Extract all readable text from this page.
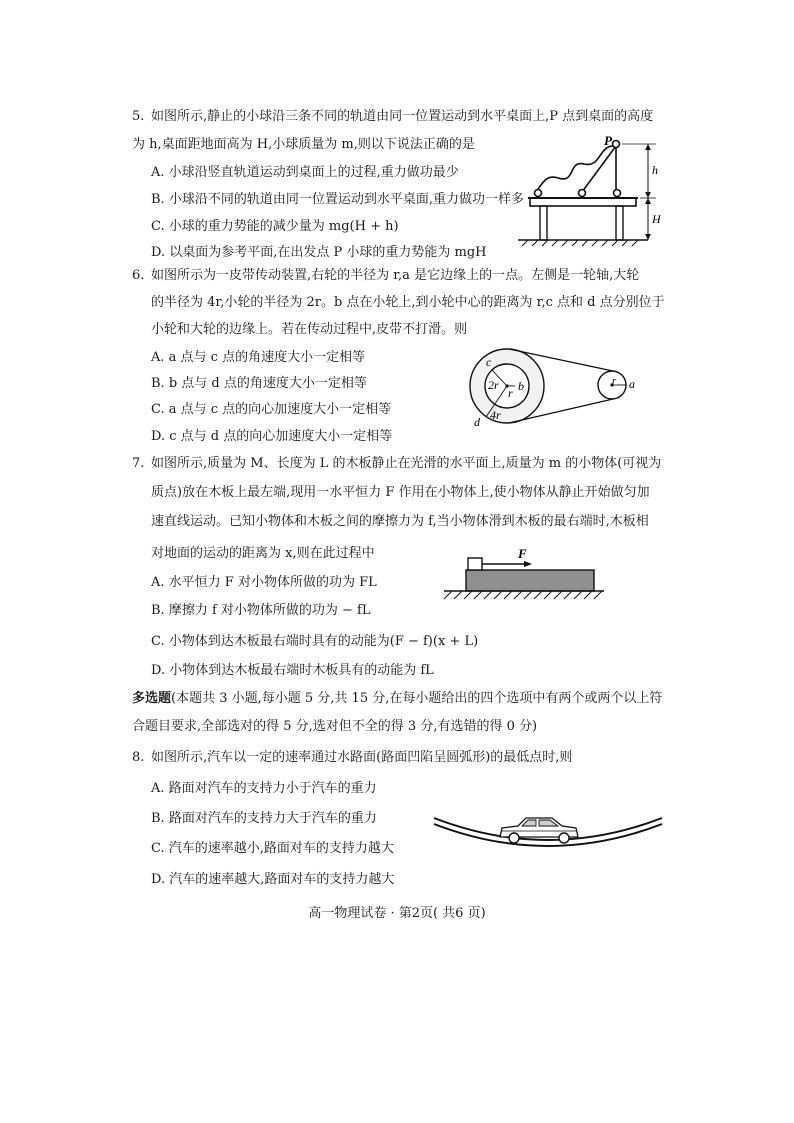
5. 如图所示,静止的小球沿三条不同的轨道由同一位置运动到水平桌面上,P 点到桌面的高度
为 h,桌面距地面高为 H,小球质量为 m,则以下说法正确的是
A. 小球沿竖直轨道运动到桌面上的过程,重力做功最少
B. 小球沿不同的轨道由同一位置运动到水平桌面,重力做功一样多
C. 小球的重力势能的减少量为 mg(H + h)
D. 以桌面为参考平面,在出发点 P 小球的重力势能为 mgH
P
h
H
6. 如图所示为一皮带传动装置,右轮的半径为 r,a 是它边缘上的一点。左侧是一轮轴,大轮
的半径为 4r,小轮的半径为 2r。b 点在小轮上,到小轮中心的距离为 r,c 点和 d 点分别位于
小轮和大轮的边缘上。若在传动过程中,皮带不打滑。则
A. a 点与 c 点的角速度大小一定相等
B. b 点与 d 点的角速度大小一定相等
C. a 点与 c 点的向心加速度大小一定相等
D. c 点与 d 点的向心加速度大小一定相等
c
2r b
r
4r
d
r a
7. 如图所示,质量为 M、长度为 L 的木板静止在光滑的水平面上,质量为 m 的小物体(可视为
质点)放在木板上最左端,现用一水平恒力 F 作用在小物体上,使小物体从静止开始做匀加
速直线运动。已知小物体和木板之间的摩擦力为 f,当小物体滑到木板的最右端时,木板相
对地面的运动的距离为 x,则在此过程中
A. 水平恒力 F 对小物体所做的功为 FL
B. 摩擦力 f 对小物体所做的功为 − fL
C. 小物体到达木板最右端时具有的动能为(F − f)(x + L)
D. 小物体到达木板最右端时木板具有的动能为 fL
F
多选题(本题共 3 小题,每小题 5 分,共 15 分,在每小题给出的四个选项中有两个或两个以上符
合题目要求,全部选对的得 5 分,选对但不全的得 3 分,有选错的得 0 分)
8. 如图所示,汽车以一定的速率通过水路面(路面凹陷呈圆弧形)的最低点时,则
A. 路面对汽车的支持力小于汽车的重力
B. 路面对汽车的支持力大于汽车的重力
C. 汽车的速率越小,路面对车的支持力越大
D. 汽车的速率越大,路面对车的支持力越大
高一物理试卷 · 第2页( 共6 页)
